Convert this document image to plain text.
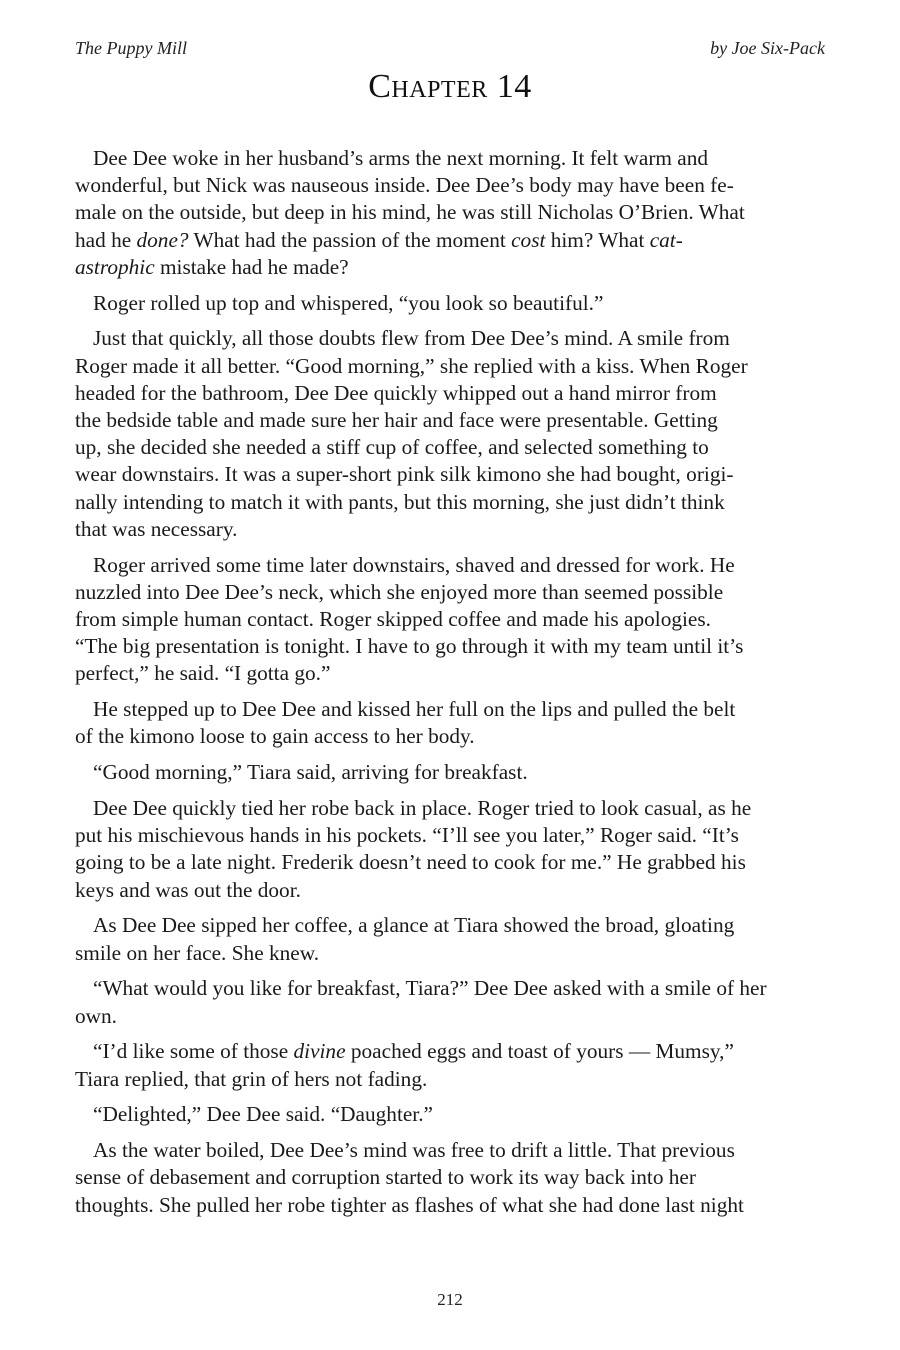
The Puppy Mill	by Joe Six-Pack
Chapter 14

Dee Dee woke in her husband’s arms the next morning. It felt warm and
wonderful, but Nick was nauseous inside. Dee Dee’s body may have been fe-
male on the outside, but deep in his mind, he was still Nicholas O’Brien. What
had he done? What had the passion of the moment cost him? What cat-
astrophic mistake had he made?

Roger rolled up top and whispered, “you look so beautiful.”

Just that quickly, all those doubts flew from Dee Dee’s mind. A smile from
Roger made it all better. “Good morning,” she replied with a kiss. When Roger
headed for the bathroom, Dee Dee quickly whipped out a hand mirror from
the bedside table and made sure her hair and face were presentable. Getting
up, she decided she needed a stiff cup of coffee, and selected something to
wear downstairs. It was a super-short pink silk kimono she had bought, origi-
nally intending to match it with pants, but this morning, she just didn’t think
that was necessary.

Roger arrived some time later downstairs, shaved and dressed for work. He
nuzzled into Dee Dee’s neck, which she enjoyed more than seemed possible
from simple human contact. Roger skipped coffee and made his apologies.
“The big presentation is tonight. I have to go through it with my team until it’s
perfect,” he said. “I gotta go.”

He stepped up to Dee Dee and kissed her full on the lips and pulled the belt
of the kimono loose to gain access to her body.

“Good morning,” Tiara said, arriving for breakfast.

Dee Dee quickly tied her robe back in place. Roger tried to look casual, as he
put his mischievous hands in his pockets. “I’ll see you later,” Roger said. “It’s
going to be a late night. Frederik doesn’t need to cook for me.” He grabbed his
keys and was out the door.

As Dee Dee sipped her coffee, a glance at Tiara showed the broad, gloating
smile on her face. She knew.

“What would you like for breakfast, Tiara?” Dee Dee asked with a smile of her
own.

“I’d like some of those divine poached eggs and toast of yours — Mumsy,”
Tiara replied, that grin of hers not fading.

“Delighted,” Dee Dee said. “Daughter.”

As the water boiled, Dee Dee’s mind was free to drift a little. That previous
sense of debasement and corruption started to work its way back into her
thoughts. She pulled her robe tighter as flashes of what she had done last night

212
